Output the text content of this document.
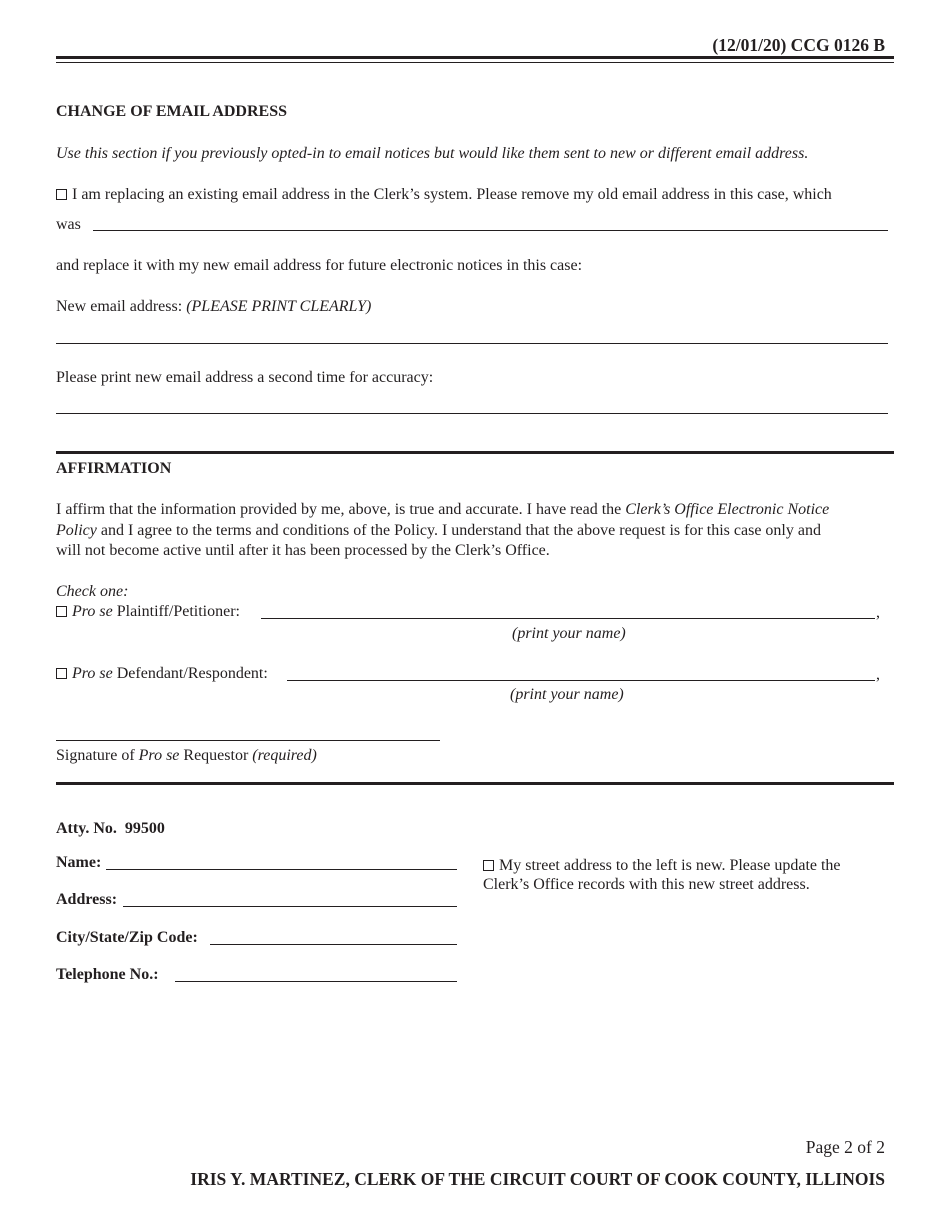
(12/01/20) CCG 0126 B
CHANGE OF EMAIL ADDRESS
Use this section if you previously opted-in to email notices but would like them sent to new or different email address.
I am replacing an existing email address in the Clerk’s system. Please remove my old email address in this case, which
was
and replace it with my new email address for future electronic notices in this case:
New email address: (PLEASE PRINT CLEARLY)
Please print new email address a second time for accuracy:
AFFIRMATION
I affirm that the information provided by me, above, is true and accurate. I have read the Clerk’s Office Electronic Notice
Policy and I agree to the terms and conditions of the Policy. I understand that the above request is for this case only and
will not become active until after it has been processed by the Clerk’s Office.
Check one:
Pro se Plaintiff/Petitioner:	,
(print your name)
Pro se Defendant/Respondent:	,
(print your name)
Signature of Pro se Requestor (required)
Atty. No. 99500
Name:
Address:
City/State/Zip Code:
Telephone No.:
My street address to the left is new. Please update the
Clerk’s Office records with this new street address.
Page 2 of 2
IRIS Y. MARTINEZ, CLERK OF THE CIRCUIT COURT OF COOK COUNTY, ILLINOIS
